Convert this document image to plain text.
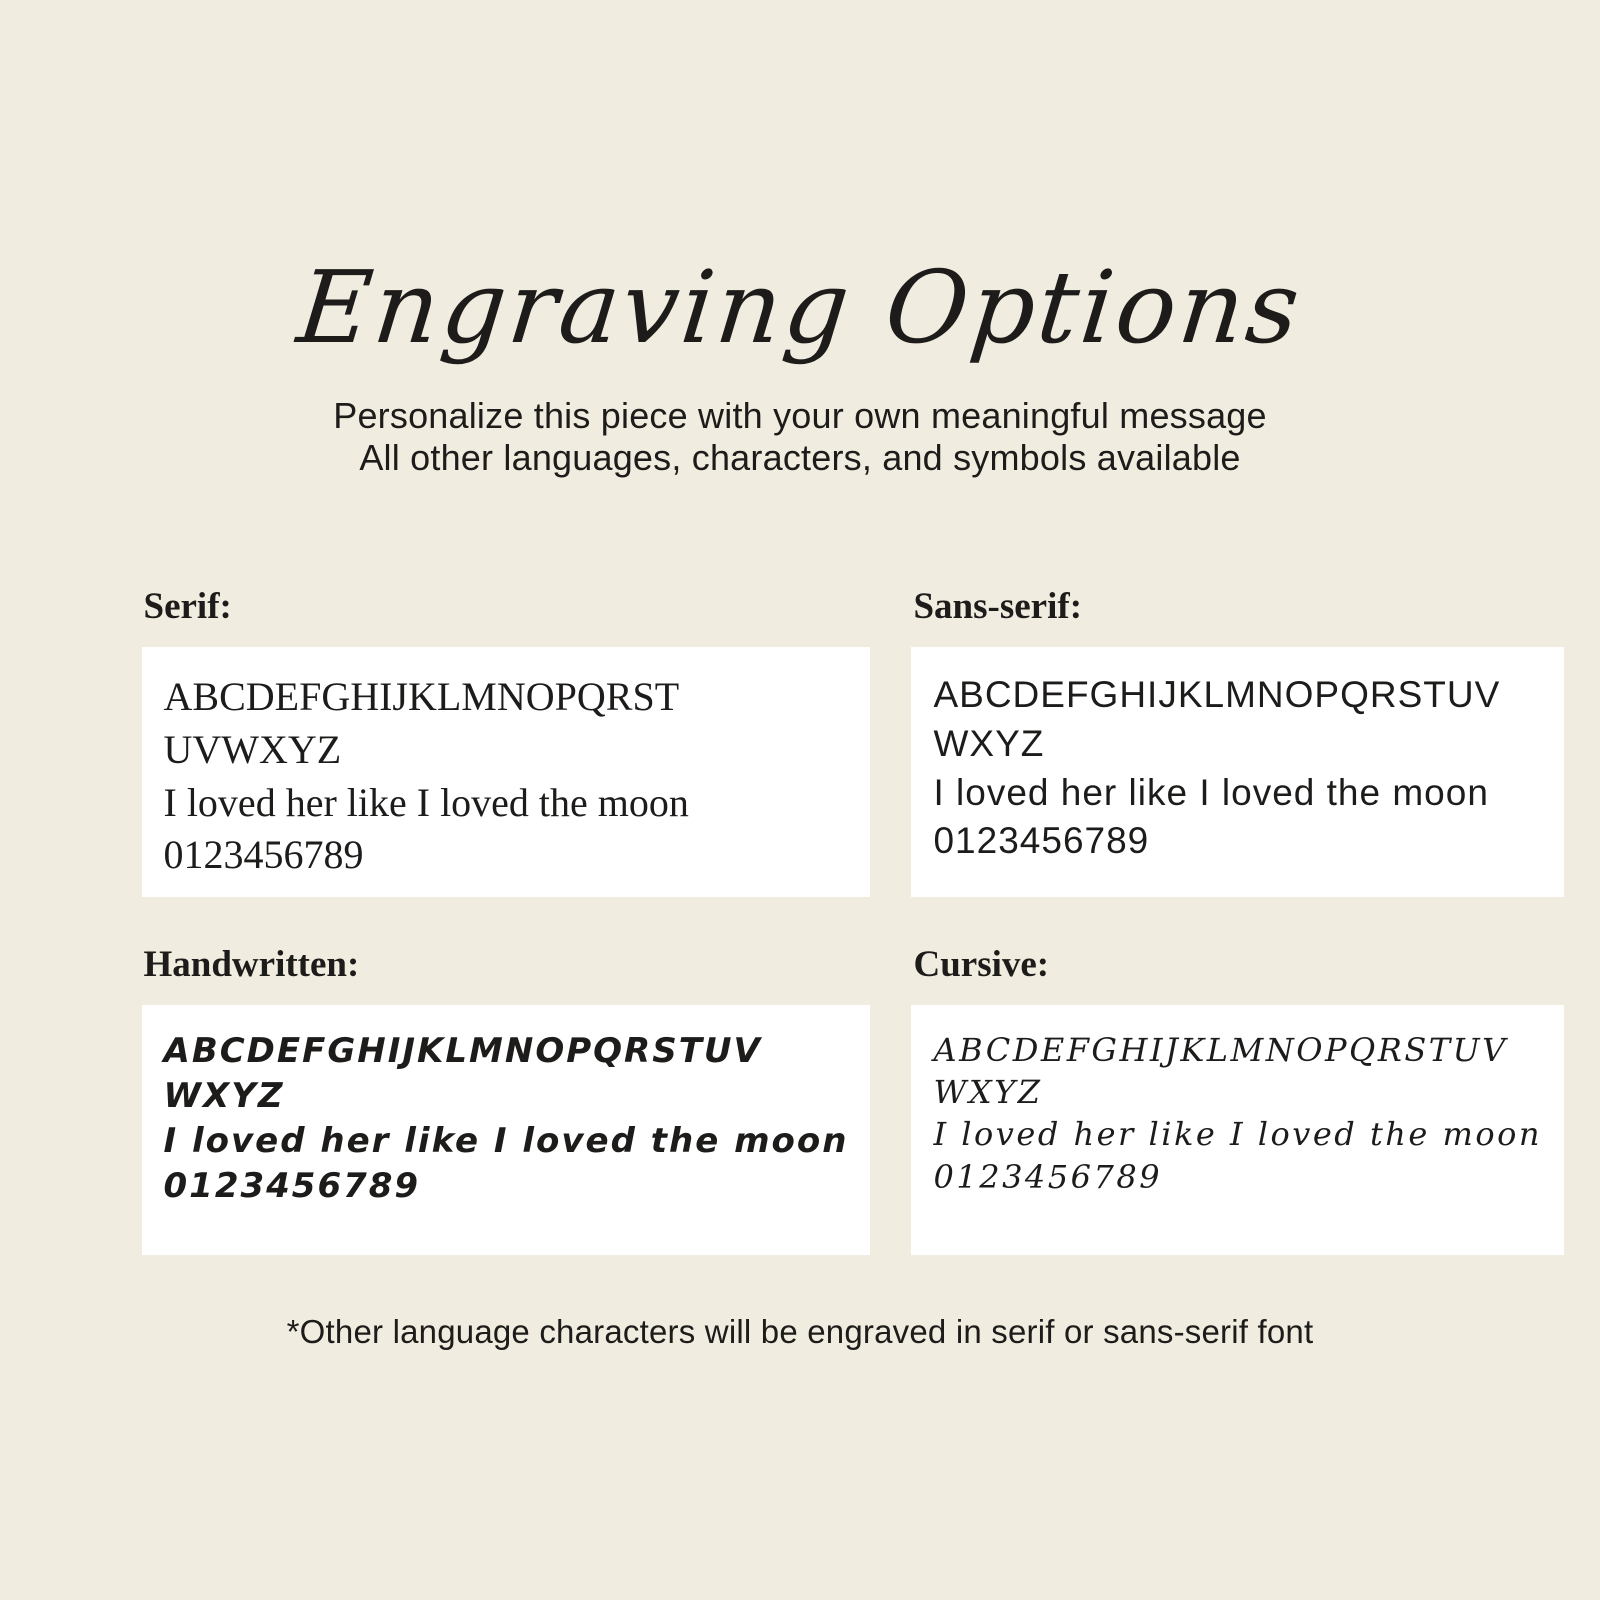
Engraving Options
Personalize this piece with your own meaningful message
All other languages, characters, and symbols available
Serif:
ABCDEFGHIJKLMNOPQRST
UVWXYZ
I loved her like I loved the moon
0123456789
Sans-serif:
ABCDEFGHIJKLMNOPQRSTUV
WXYZ
I loved her like I loved the moon
0123456789
Handwritten:
ABCDEFGHIJKLMNOPQRSTUV
WXYZ
I loved her like I loved the moon
0123456789
Cursive:
ABCDEFGHIJKLMNOPQRSTUV
WXYZ
I loved her like I loved the moon
0123456789
*Other language characters will be engraved in serif or sans-serif font
